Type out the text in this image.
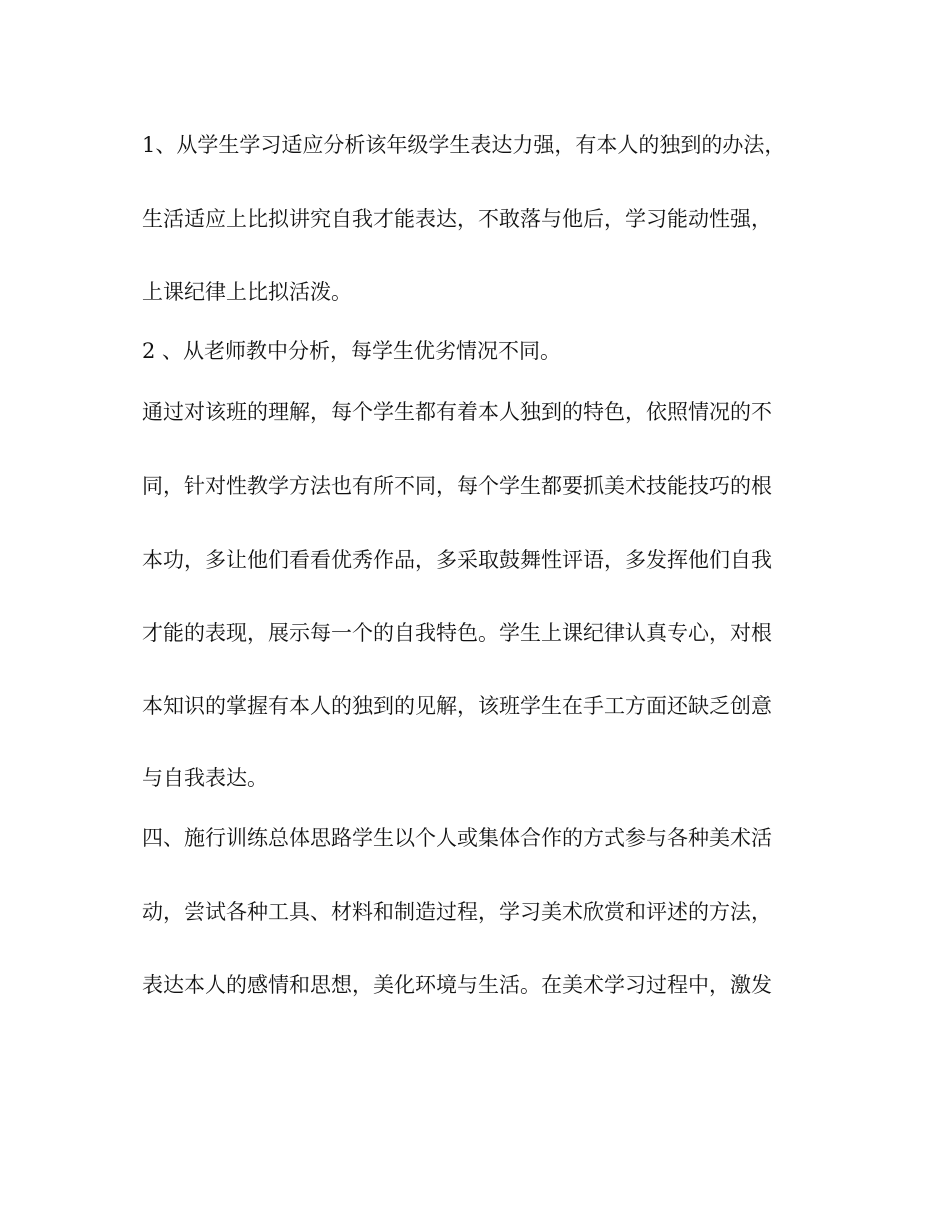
1、从学生学习适应分析该年级学生表达力强，有本人的独到的办法，
生活适应上比拟讲究自我才能表达，不敢落与他后，学习能动性强，
上课纪律上比拟活泼。
2 、从老师教中分析，每学生优劣情况不同。
通过对该班的理解，每个学生都有着本人独到的特色，依照情况的不
同，针对性教学方法也有所不同，每个学生都要抓美术技能技巧的根
本功，多让他们看看优秀作品，多采取鼓舞性评语，多发挥他们自我
才能的表现，展示每一个的自我特色。学生上课纪律认真专心，对根
本知识的掌握有本人的独到的见解，该班学生在手工方面还缺乏创意
与自我表达。
四、施行训练总体思路学生以个人或集体合作的方式参与各种美术活
动，尝试各种工具、材料和制造过程，学习美术欣赏和评述的方法，
表达本人的感情和思想，美化环境与生活。在美术学习过程中，激发
